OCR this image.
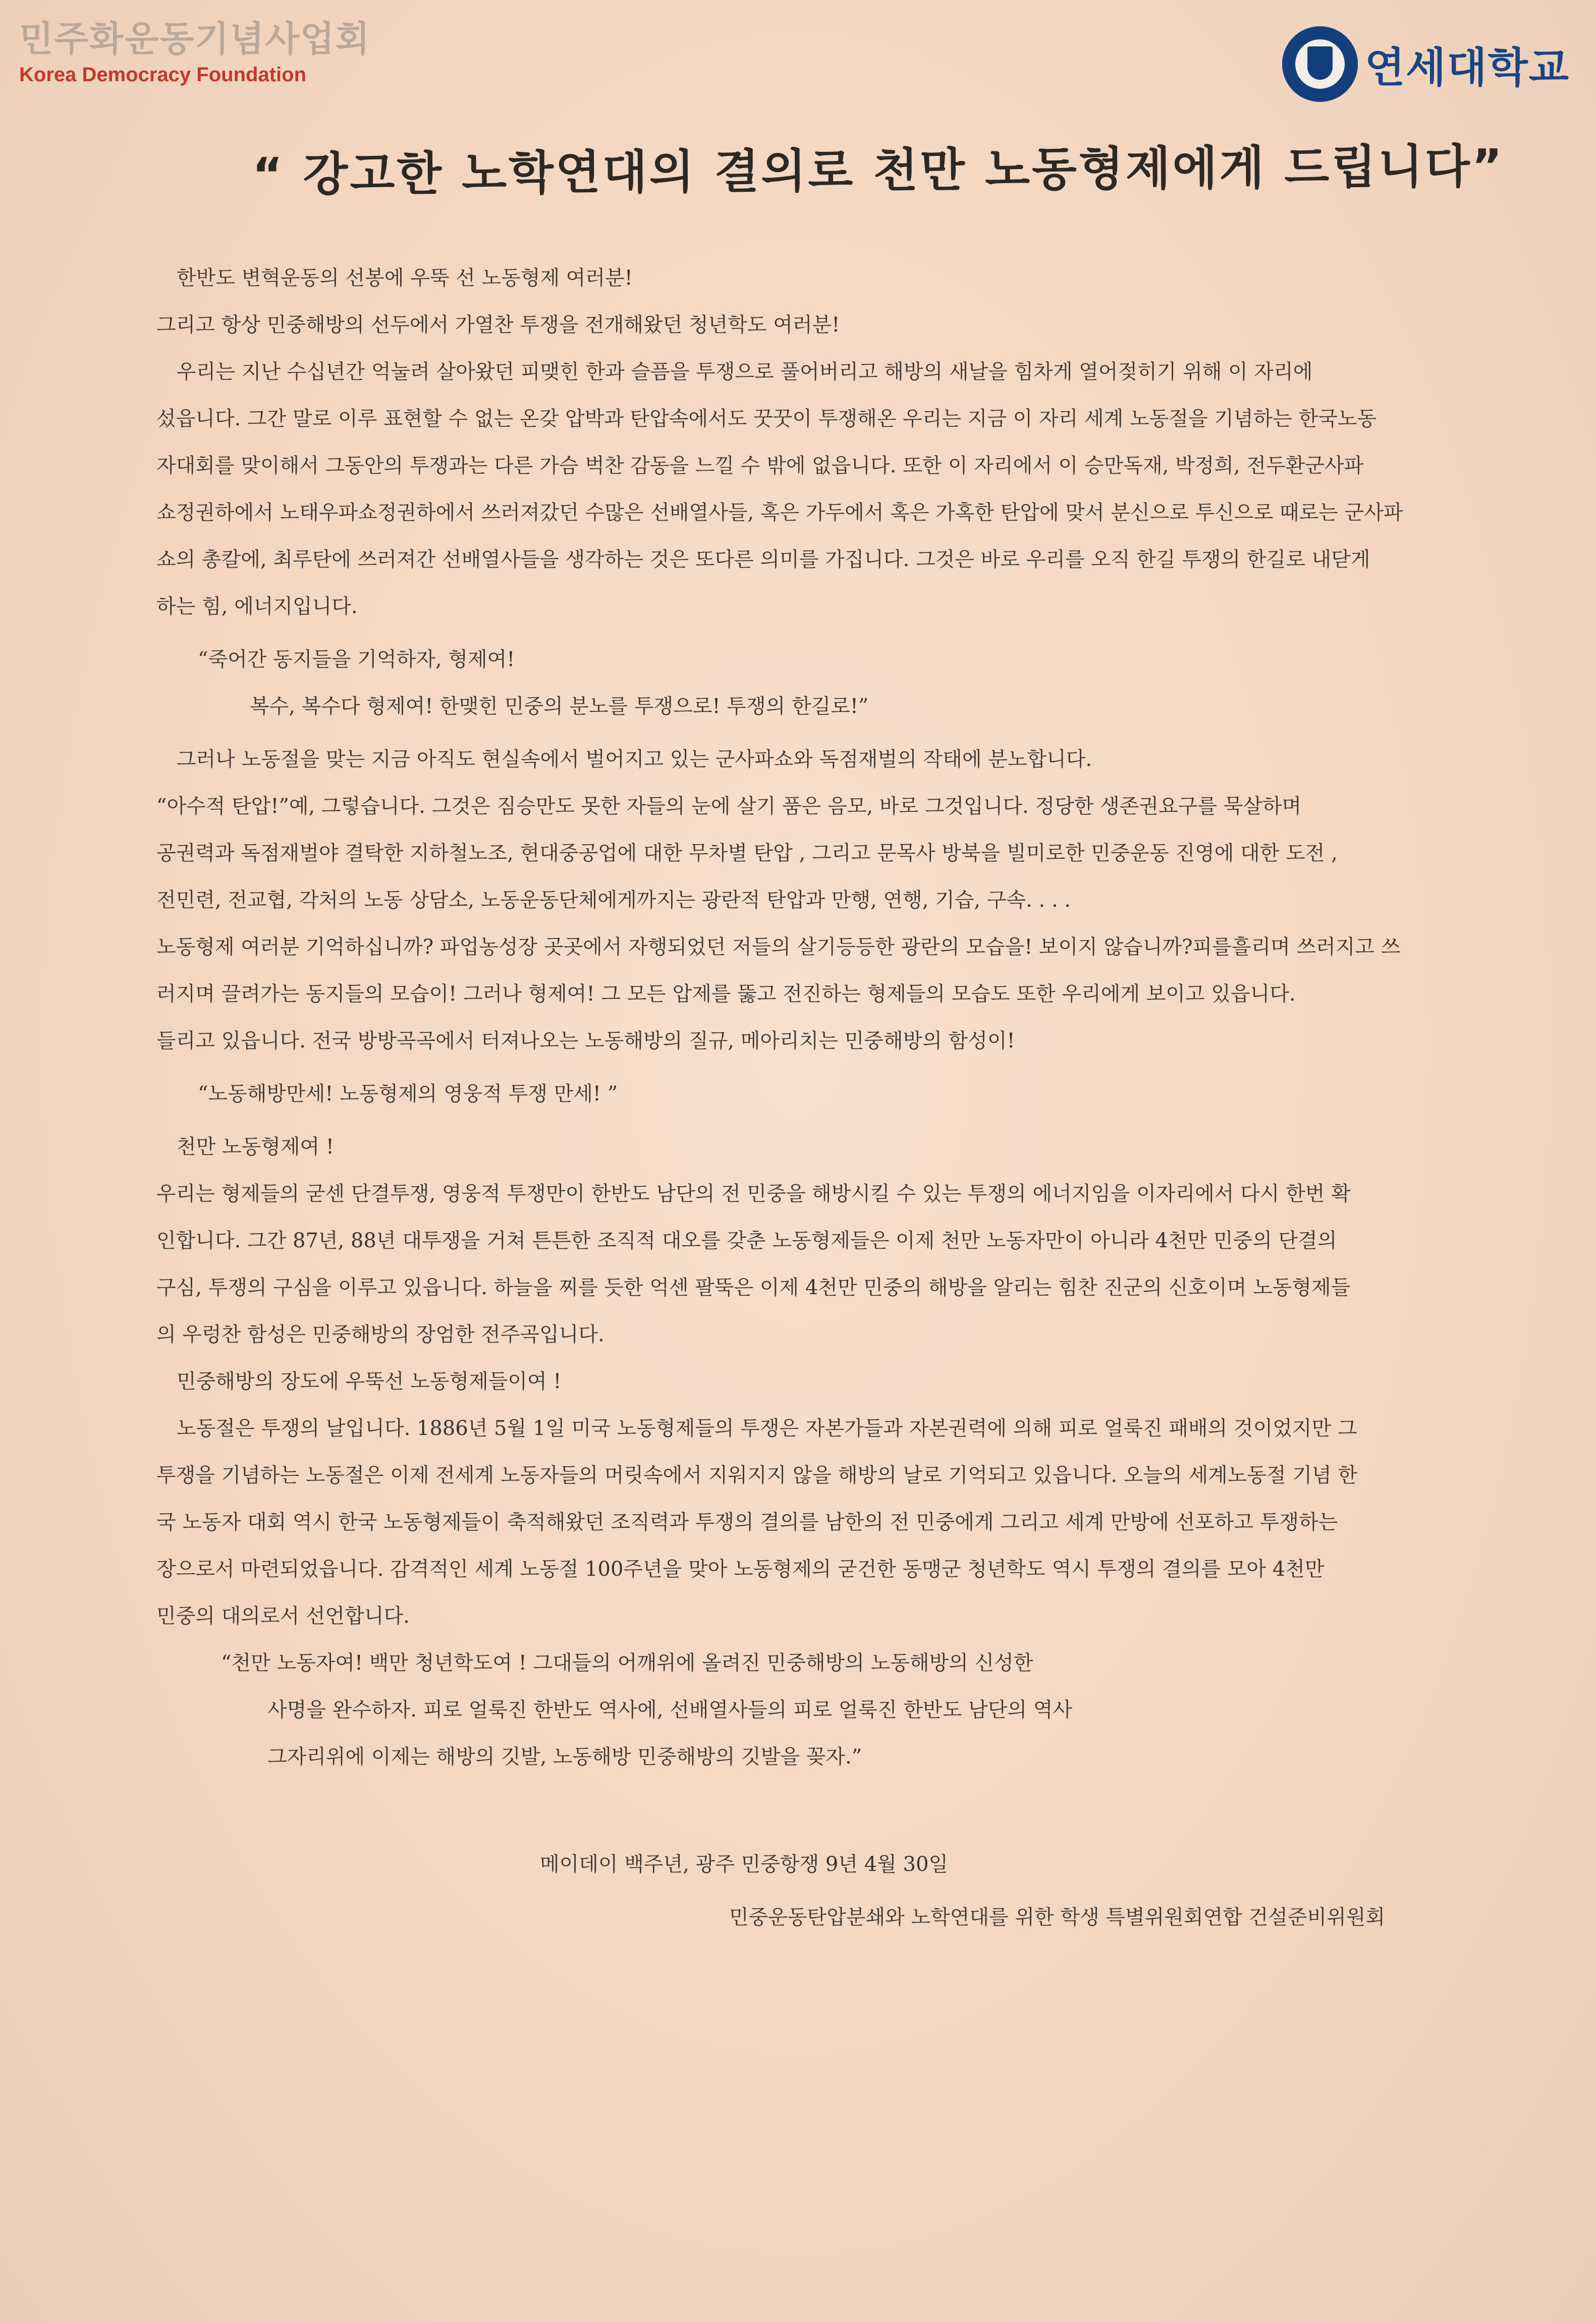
민주화운동기념사업회
Korea Democracy Foundation	연세대학교
“ 강고한 노학연대의 결의로 천만 노동형제에게 드립니다”

한반도 변혁운동의 선봉에 우뚝 선 노동형제 여러분!

그리고 항상 민중해방의 선두에서 가열찬 투쟁을 전개해왔던 청년학도 여러분!

우리는 지난 수십년간 억눌려 살아왔던 피맺힌 한과 슬픔을 투쟁으로 풀어버리고 해방의 새날을 힘차게 열어젖히기 위해 이 자리에

섰읍니다. 그간 말로 이루 표현할 수 없는 온갖 압박과 탄압속에서도 꿋꿋이 투쟁해온 우리는 지금 이 자리 세계 노동절을 기념하는 한국노동

자대회를 맞이해서 그동안의 투쟁과는 다른 가슴 벅찬 감동을 느낄 수 밖에 없읍니다. 또한 이 자리에서 이 승만독재, 박정희, 전두환군사파

쇼정권하에서 노태우파쇼정권하에서 쓰러져갔던 수많은 선배열사들, 혹은 가두에서 혹은 가혹한 탄압에 맞서 분신으로 투신으로 때로는 군사파

쇼의 총칼에, 최루탄에 쓰러져간 선배열사들을 생각하는 것은 또다른 의미를 가집니다. 그것은 바로 우리를 오직 한길 투쟁의 한길로 내닫게

하는 힘, 에너지입니다.

“죽어간 동지들을 기억하자, 형제여!

복수, 복수다 형제여! 한맺힌 민중의 분노를 투쟁으로! 투쟁의 한길로!”

그러나 노동절을 맞는 지금 아직도 현실속에서 벌어지고 있는 군사파쇼와 독점재벌의 작태에 분노합니다.

“아수적 탄압!”예, 그렇습니다. 그것은 짐승만도 못한 자들의 눈에 살기 품은 음모, 바로 그것입니다. 정당한 생존권요구를 묵살하며

공권력과 독점재벌야 결탁한 지하철노조, 현대중공업에 대한 무차별 탄압 , 그리고 문목사 방북을 빌미로한 민중운동 진영에 대한 도전 ,

전민련, 전교협, 각처의 노동 상담소, 노동운동단체에게까지는 광란적 탄압과 만행, 연행, 기습, 구속. . . .

노동형제 여러분 기억하십니까? 파업농성장 곳곳에서 자행되었던 저들의 살기등등한 광란의 모습을! 보이지 않습니까?피를흘리며 쓰러지고 쓰

러지며 끌려가는 동지들의 모습이! 그러나 형제여! 그 모든 압제를 뚫고 전진하는 형제들의 모습도 또한 우리에게 보이고 있읍니다.

들리고 있읍니다. 전국 방방곡곡에서 터져나오는 노동해방의 질규, 메아리치는 민중해방의 함성이!

“노동해방만세! 노동형제의 영웅적 투쟁 만세! ”

천만 노동형제여 !

우리는 형제들의 굳센 단결투쟁, 영웅적 투쟁만이 한반도 남단의 전 민중을 해방시킬 수 있는 투쟁의 에너지임을 이자리에서 다시 한번 확

인합니다. 그간 87년, 88년 대투쟁을 거쳐 튼튼한 조직적 대오를 갖춘 노동형제들은 이제 천만 노동자만이 아니라 4천만 민중의 단결의

구심, 투쟁의 구심을 이루고 있읍니다. 하늘을 찌를 듯한 억센 팔뚝은 이제 4천만 민중의 해방을 알리는 힘찬 진군의 신호이며 노동형제들

의 우렁찬 함성은 민중해방의 장엄한 전주곡입니다.

민중해방의 장도에 우뚝선 노동형제들이여 !

노동절은 투쟁의 날입니다. 1886년 5월 1일 미국 노동형제들의 투쟁은 자본가들과 자본권력에 의해 피로 얼룩진 패배의 것이었지만 그

투쟁을 기념하는 노동절은 이제 전세계 노동자들의 머릿속에서 지워지지 않을 해방의 날로 기억되고 있읍니다. 오늘의 세계노동절 기념 한

국 노동자 대회 역시 한국 노동형제들이 축적해왔던 조직력과 투쟁의 결의를 남한의 전 민중에게 그리고 세계 만방에 선포하고 투쟁하는

장으로서 마련되었읍니다. 감격적인 세계 노동절 100주년을 맞아 노동형제의 굳건한 동맹군 청년학도 역시 투쟁의 결의를 모아 4천만

민중의 대의로서 선언합니다.

“천만 노동자여! 백만 청년학도여 ! 그대들의 어깨위에 올려진 민중해방의 노동해방의 신성한

사명을 완수하자. 피로 얼룩진 한반도 역사에, 선배열사들의 피로 얼룩진 한반도 남단의 역사

그자리위에 이제는 해방의 깃발, 노동해방 민중해방의 깃발을 꽂자.”

메이데이 백주년, 광주 민중항쟁 9년 4월 30일

민중운동탄압분쇄와 노학연대를 위한 학생 특별위원회연합 건설준비위원회
